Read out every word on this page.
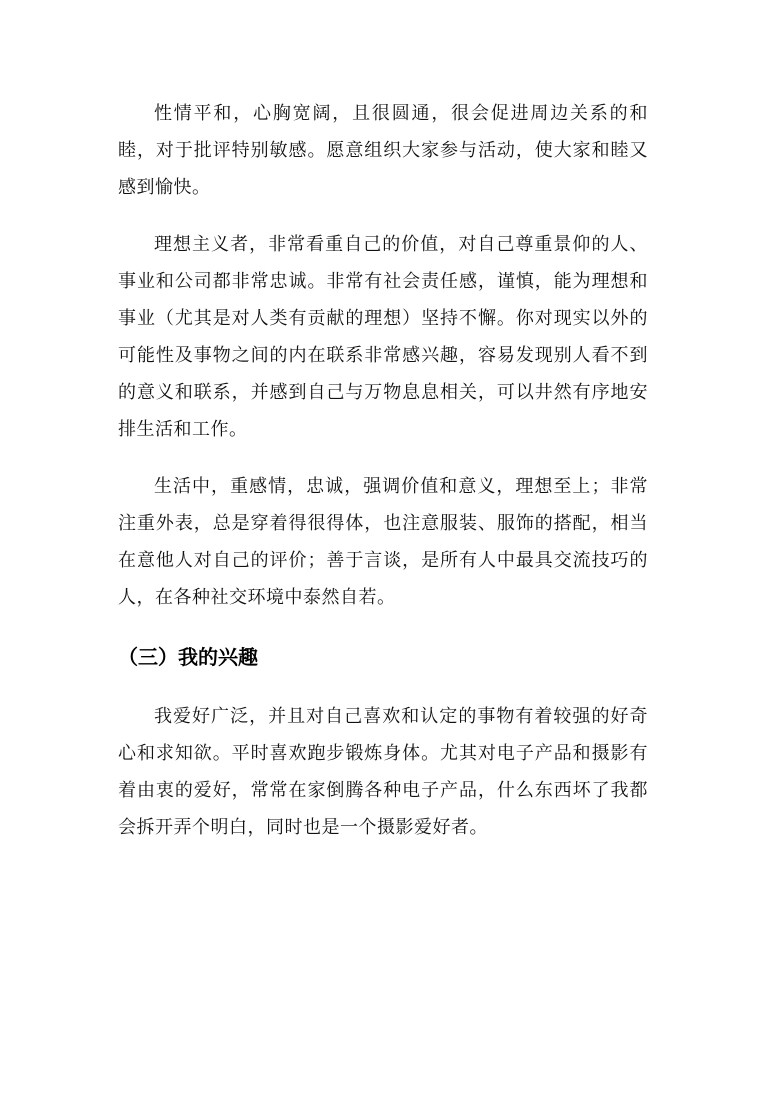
性情平和，心胸宽阔，且很圆通，很会促进周边关系的和睦，对于批评特别敏感。愿意组织大家参与活动，使大家和睦又感到愉快。

理想主义者，非常看重自己的价值，对自己尊重景仰的人、事业和公司都非常忠诚。非常有社会责任感，谨慎，能为理想和事业（尤其是对人类有贡献的理想）坚持不懈。你对现实以外的可能性及事物之间的内在联系非常感兴趣，容易发现别人看不到的意义和联系，并感到自己与万物息息相关，可以井然有序地安排生活和工作。

生活中，重感情，忠诚，强调价值和意义，理想至上；非常注重外表，总是穿着得很得体，也注意服装、服饰的搭配，相当在意他人对自己的评价；善于言谈，是所有人中最具交流技巧的人，在各种社交环境中泰然自若。

（三）我的兴趣

我爱好广泛，并且对自己喜欢和认定的事物有着较强的好奇心和求知欲。平时喜欢跑步锻炼身体。尤其对电子产品和摄影有着由衷的爱好，常常在家倒腾各种电子产品，什么东西坏了我都会拆开弄个明白，同时也是一个摄影爱好者。
